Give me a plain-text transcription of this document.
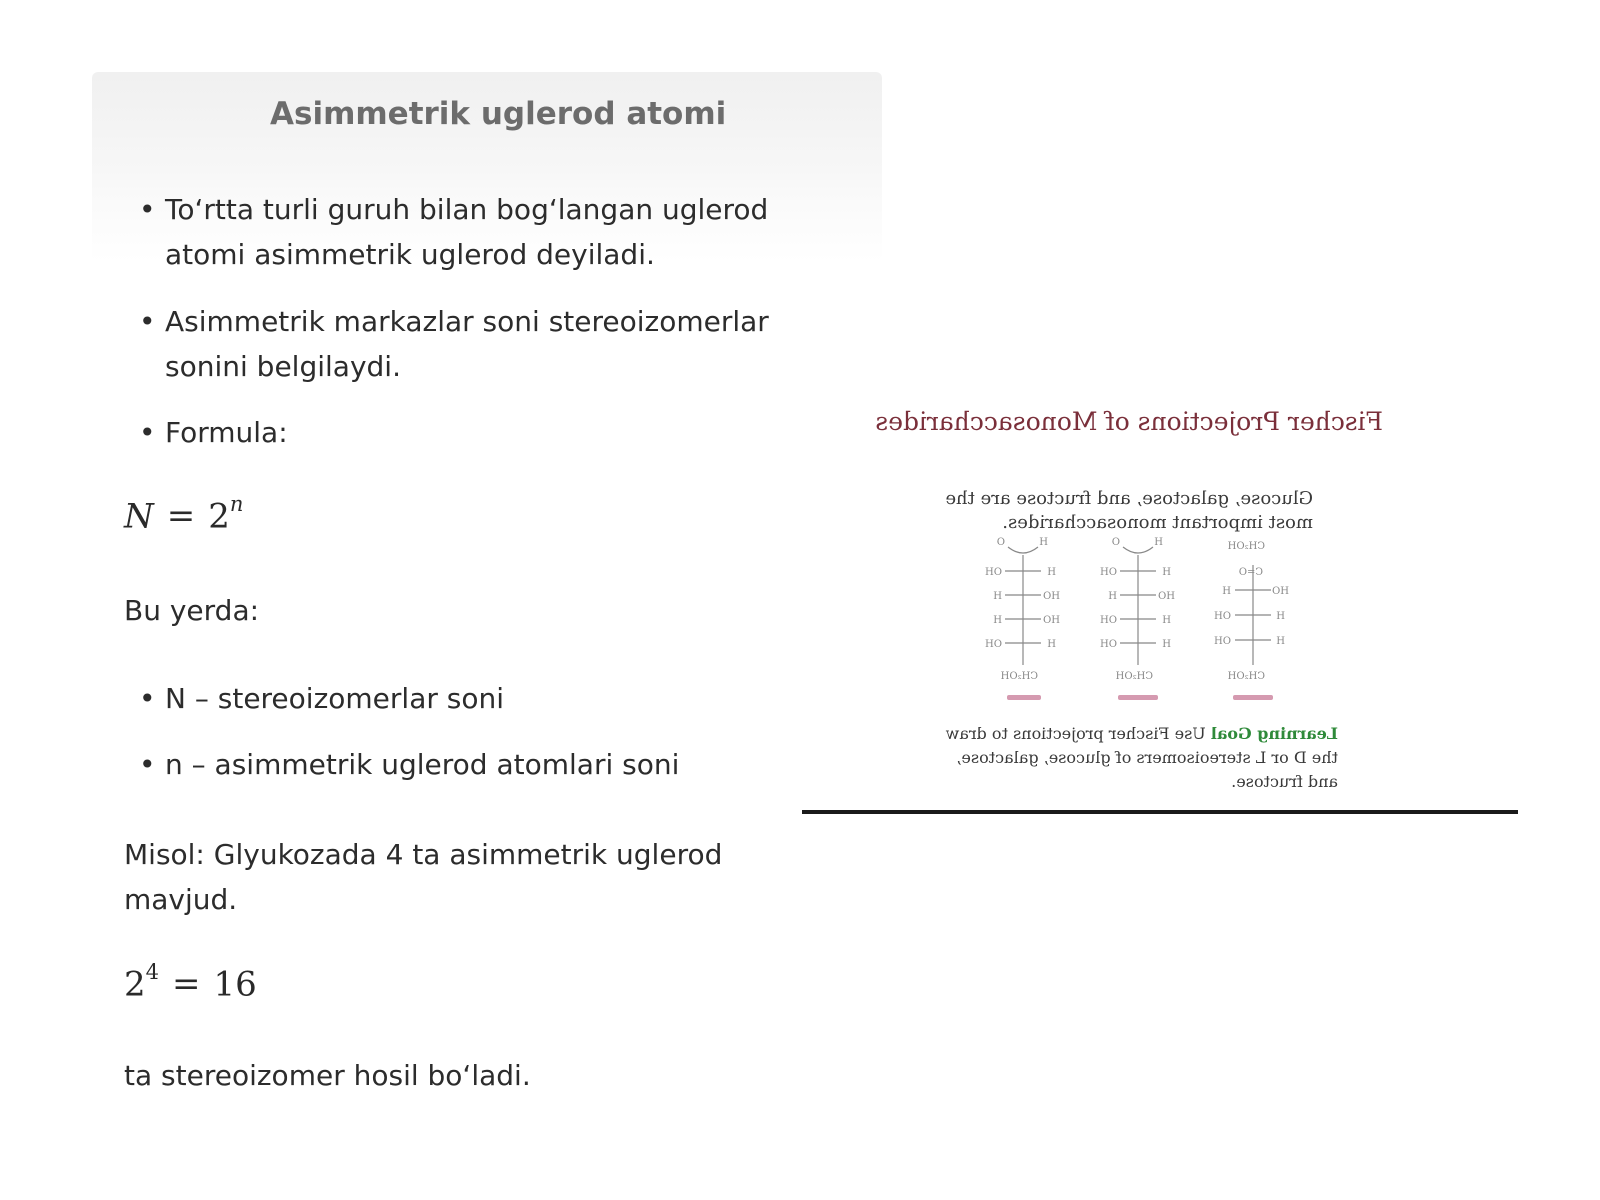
Asimmetrik uglerod atomi
• To‘rtta turli guruh bilan bog‘langan uglerod
atomi asimmetrik uglerod deyiladi.
• Asimmetrik markazlar soni stereoizomerlar
sonini belgilaydi.
• Formula:
$N = 2^n$
Bu yerda:
• N – stereoizomerlar soni
• n – asimmetrik uglerod atomlari soni
Misol: Glyukozada 4 ta asimmetrik uglerod
mavjud.
$2^4 = 16$
ta stereoizomer hosil bo‘ladi.
Fischer Projections of Monosaccharides
Glucose, galactose, and fructose are the most important monosaccharides.
CH₂OH
C=O
HO
H
H
OH
H
OH
CH₂OH
H
O
H
OH
HO
H
H
OH
H
OH
CH₂OH
H
O
H
OH
HO
H
HO
H
H
OH
CH₂OH
Learning Goal Use Fischer projections to draw the D or L stereoisomers of glucose, galactose, and fructose.
